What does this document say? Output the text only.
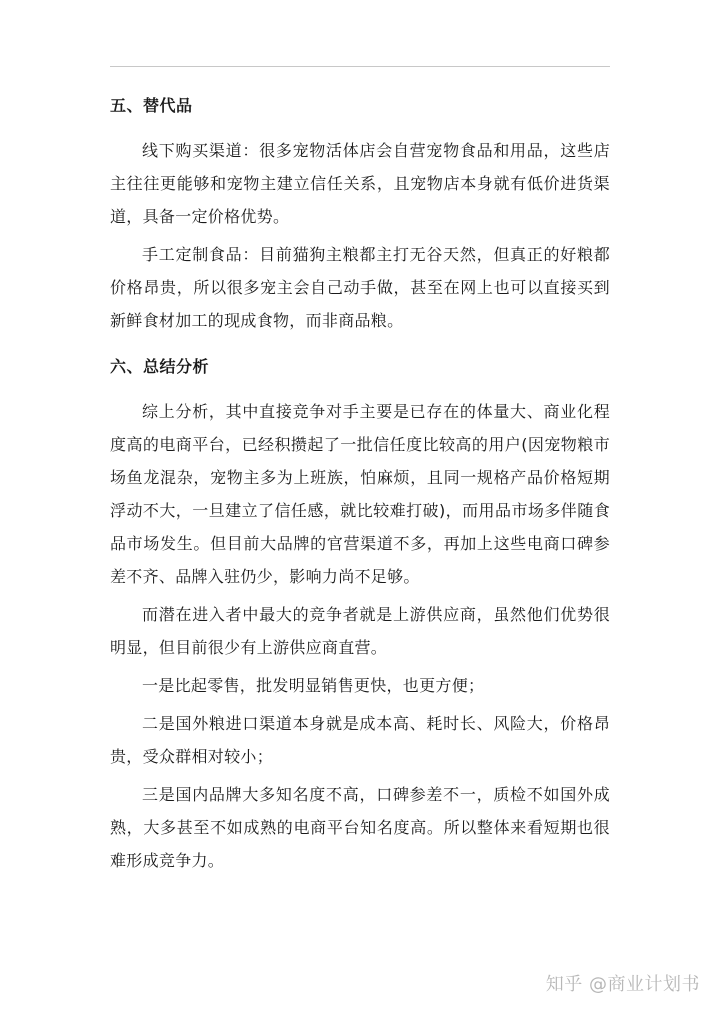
五、替代品

线下购买渠道：很多宠物活体店会自营宠物食品和用品，这些店主往往更能够和宠物主建立信任关系，且宠物店本身就有低价进货渠道，具备一定价格优势。

手工定制食品：目前猫狗主粮都主打无谷天然，但真正的好粮都价格昂贵，所以很多宠主会自己动手做，甚至在网上也可以直接买到新鲜食材加工的现成食物，而非商品粮。

六、总结分析

综上分析，其中直接竞争对手主要是已存在的体量大、商业化程度高的电商平台，已经积攒起了一批信任度比较高的用户(因宠物粮市场鱼龙混杂，宠物主多为上班族，怕麻烦，且同一规格产品价格短期浮动不大，一旦建立了信任感，就比较难打破)，而用品市场多伴随食品市场发生。但目前大品牌的官营渠道不多，再加上这些电商口碑参差不齐、品牌入驻仍少，影响力尚不足够。

而潜在进入者中最大的竞争者就是上游供应商，虽然他们优势很明显，但目前很少有上游供应商直营。

一是比起零售，批发明显销售更快，也更方便；

二是国外粮进口渠道本身就是成本高、耗时长、风险大，价格昂贵，受众群相对较小；

三是国内品牌大多知名度不高，口碑参差不一，质检不如国外成熟，大多甚至不如成熟的电商平台知名度高。所以整体来看短期也很难形成竞争力。

知乎 @商业计划书
